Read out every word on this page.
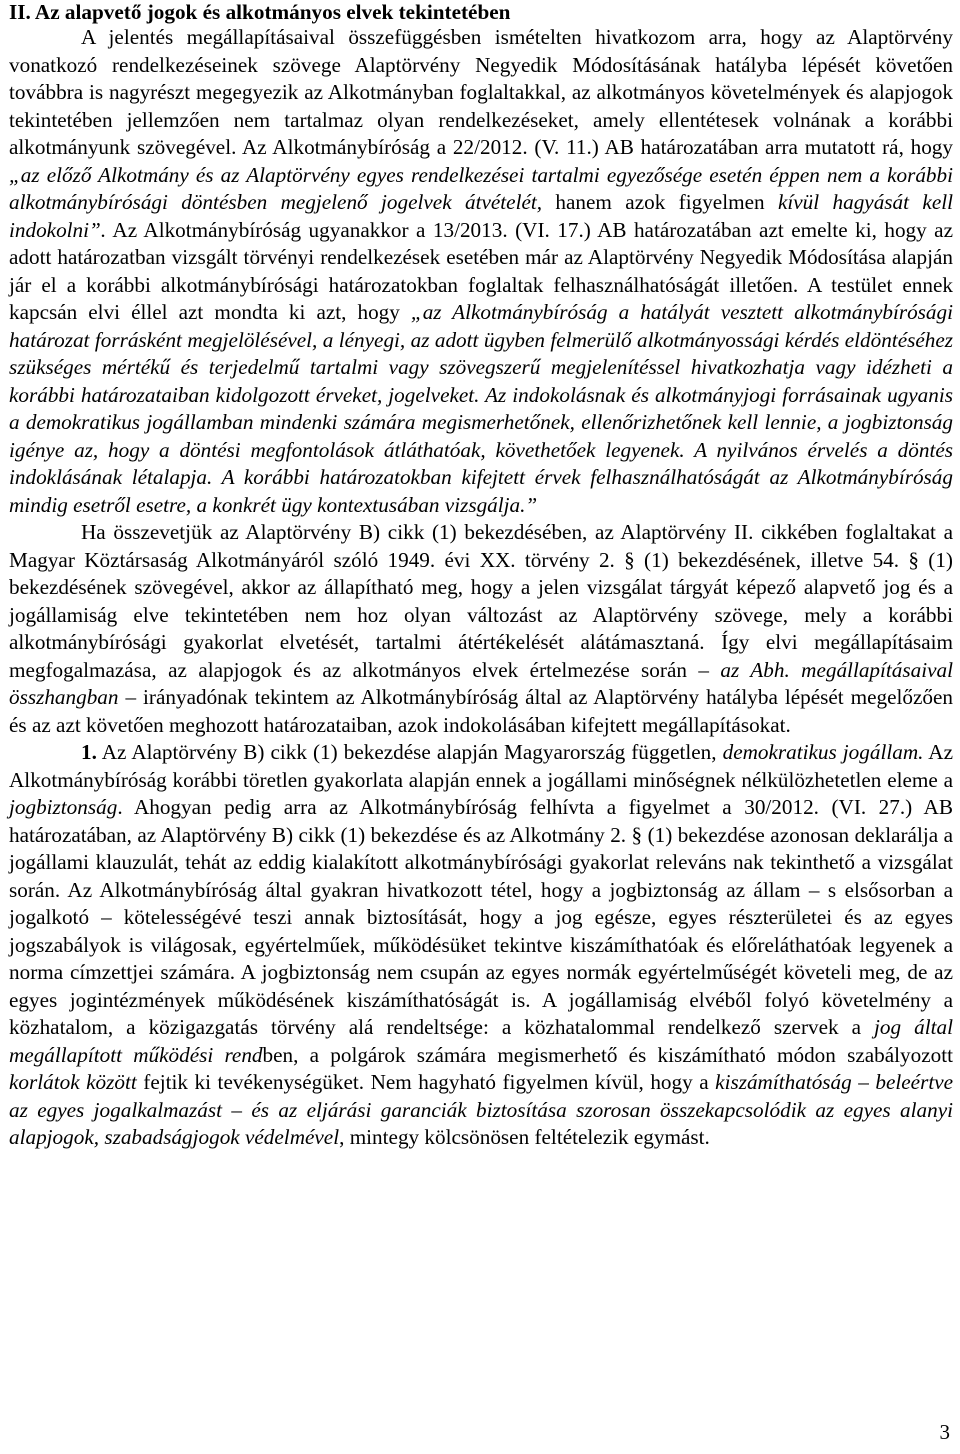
II. Az alapvető jogok és alkotmányos elvek tekintetében

A jelentés megállapításaival összefüggésben ismételten hivatkozom arra, hogy az Alaptörvény vonatkozó rendelkezéseinek szövege Alaptörvény Negyedik Módosításának hatályba lépését követően továbbra is nagyrészt megegyezik az Alkotmányban foglaltakkal, az alkotmányos követelmények és alapjogok tekintetében jellemzően nem tartalmaz olyan rendelkezéseket, amely ellentétesek volnának a korábbi alkotmányunk szövegével. Az Alkotmánybíróság a 22/2012. (V. 11.) AB határozatában arra mutatott rá, hogy „az előző Alkotmány és az Alaptörvény egyes rendelkezései tartalmi egyezősége esetén éppen nem a korábbi alkotmánybírósági döntésben megjelenő jogelvek átvételét, hanem azok figyelmen kívül hagyását kell indokolni”. Az Alkotmánybíróság ugyanakkor a 13/2013. (VI. 17.) AB határozatában azt emelte ki, hogy az adott határozatban vizsgált törvényi rendelkezések esetében már az Alaptörvény Negyedik Módosítása alapján jár el a korábbi alkotmánybírósági határozatokban foglaltak felhasználhatóságát illetően. A testület ennek kapcsán elvi éllel azt mondta ki azt, hogy „az Alkotmánybíróság a hatályát vesztett alkotmánybírósági határozat forrásként megjelölésével, a lényegi, az adott ügyben felmerülő alkotmányossági kérdés eldöntéséhez szükséges mértékű és terjedelmű tartalmi vagy szövegszerű megjelenítéssel hivatkozhatja vagy idézheti a korábbi határozataiban kidolgozott érveket, jogelveket. Az indokolásnak és alkotmányjogi forrásainak ugyanis a demokratikus jogállamban mindenki számára megismerhetőnek, ellenőrizhetőnek kell lennie, a jogbiztonság igénye az, hogy a döntési megfontolások átláthatóak, követhetőek legyenek. A nyilvános érvelés a döntés indoklásának létalapja. A korábbi határozatokban kifejtett érvek felhasználhatóságát az Alkotmánybíróság mindig esetről esetre, a konkrét ügy kontextusában vizsgálja.”

Ha összevetjük az Alaptörvény B) cikk (1) bekezdésében, az Alaptörvény II. cikkében foglaltakat a Magyar Köztársaság Alkotmányáról szóló 1949. évi XX. törvény 2. § (1) bekezdésének, illetve 54. § (1) bekezdésének szövegével, akkor az állapítható meg, hogy a jelen vizsgálat tárgyát képező alapvető jog és a jogállamiság elve tekintetében nem hoz olyan változást az Alaptörvény szövege, mely a korábbi alkotmánybírósági gyakorlat elvetését, tartalmi átértékelését alátámasztaná. Így elvi megállapításaim megfogalmazása, az alapjogok és az alkotmányos elvek értelmezése során – az Abh. megállapításaival összhangban – irányadónak tekintem az Alkotmánybíróság által az Alaptörvény hatályba lépését megelőzően és az azt követően meghozott határozataiban, azok indokolásában kifejtett megállapításokat.

1. Az Alaptörvény B) cikk (1) bekezdése alapján Magyarország független, demokratikus jogállam. Az Alkotmánybíróság korábbi töretlen gyakorlata alapján ennek a jogállami minőségnek nélkülözhetetlen eleme a jogbiztonság. Ahogyan pedig arra az Alkotmánybíróság felhívta a figyelmet a 30/2012. (VI. 27.) AB határozatában, az Alaptörvény B) cikk (1) bekezdése és az Alkotmány 2. § (1) bekezdése azonosan deklarálja a jogállami klauzulát, tehát az eddig kialakított alkotmánybírósági gyakorlat releváns nak tekinthető a vizsgálat során. Az Alkotmánybíróság által gyakran hivatkozott tétel, hogy a jogbiztonság az állam – s elsősorban a jogalkotó – kötelességévé teszi annak biztosítását, hogy a jog egésze, egyes részterületei és az egyes jogszabályok is világosak, egyértelműek, működésüket tekintve kiszámíthatóak és előreláthatóak legyenek a norma címzettjei számára. A jogbiztonság nem csupán az egyes normák egyértelműségét követeli meg, de az egyes jogintézmények működésének kiszámíthatóságát is. A jogállamiság elvéből folyó követelmény a közhatalom, a közigazgatás törvény alá rendeltsége: a közhatalommal rendelkező szervek a jog által megállapított működési rendben, a polgárok számára megismerhető és kiszámítható módon szabályozott korlátok között fejtik ki tevékenységüket. Nem hagyható figyelmen kívül, hogy a kiszámíthatóság – beleértve az egyes jogalkalmazást – és az eljárási garanciák biztosítása szorosan összekapcsolódik az egyes alanyi alapjogok, szabadságjogok védelmével, mintegy kölcsönösen feltételezik egymást.

3
